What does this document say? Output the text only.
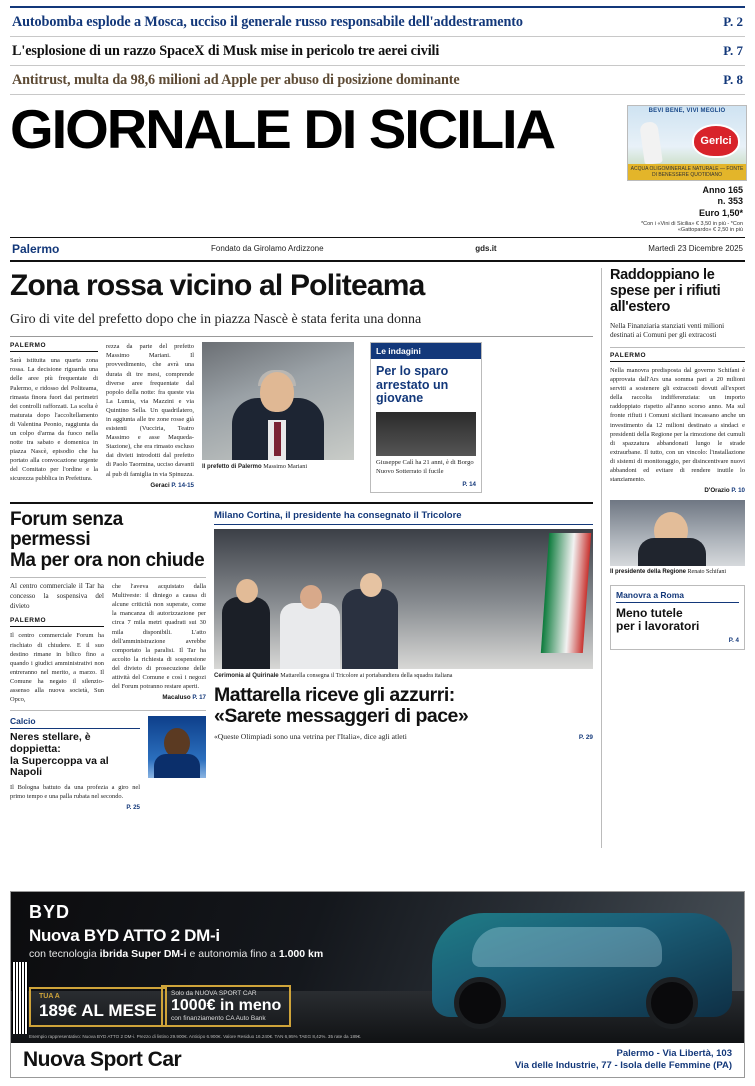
Autobomba esplode a Mosca, ucciso il generale russo responsabile dell'addestramento	P. 2
L'esplosione di un razzo SpaceX di Musk mise in pericolo tre aerei civili	P. 7
Antitrust, multa da 98,6 milioni ad Apple per abuso di posizione dominante	P. 8
GIORNALE DI SICILIA	BEVI BENE, VIVI MEGLIO
Gerlci
ACQUA OLIGOMINERALE NATURALE — FONTE DI BENESSERE QUOTIDIANO
Anno 165
n. 353
Euro 1,50*
*Con i «Vini di Sicilia» € 3,50 in più - *Con «Gattopardo» € 2,50 in più
Palermo	Fondato da Girolamo Ardizzone	gds.it	Martedì 23 Dicembre 2025
Zona rossa vicino al Politeama
Giro di vite del prefetto dopo che in piazza Nascè è stata ferita una donna
PALERMO
Sarà istituita una quarta zona rossa. La decisione riguarda una delle aree più frequentate di Palermo, e ridosso del Politeama, rimasta finora fuori dai perimetri dei controlli rafforzati. La scelta è maturata dopo l'accoltellamento di Valentina Peonio, raggiunta da un colpo d'arma da fuoco nella notte tra sabato e domenica in piazza Nascè, episodio che ha portato alla convocazione urgente del Comitato per l'ordine e la sicurezza pubblica in Prefettura.
rezza da parte del prefetto Massimo Mariani. Il provvedimento, che avrà una durata di tre mesi, comprende diverse aree frequentate dal popolo della notte: fra queste via La Lumia, via Mazzini e via Quintino Sella. Un quadrilatero, in aggiunta alle tre zone rosse già esistenti (Vucciria, Teatro Massimo e asse Maqueda-Stazione), che era rimasto escluso dai divieti introdotti dal prefetto di Paolo Taormina, ucciso davanti al pub di famiglia in via Spinuzza.
Geraci P. 14-15
Il prefetto di Palermo Massimo Mariani
Le indagini
Per lo sparo arrestato un giovane
Giuseppe Calì ha 21 anni, è di Borgo Nuovo Sotterrato il fucile
P. 14
Forum senza permessi
Ma per ora non chiude
Al centro commerciale il Tar ha concesso la sospensiva del divieto
PALERMO
Il centro commerciale Forum ha rischiato di chiudere. E il suo destino rimane in bilico fino a quando i giudici amministrativi non entreranno nel merito, a marzo. Il Comune ha negato il silenzio-assenso alla nuova società, Sun Opco,
che l'aveva acquistato dalla Multiveste: il diniego a causa di alcune criticità non superate, come la mancanza di autorizzazione per circa 7 mila metri quadrati sui 30 mila disponibili. L'atto dell'amministrazione avrebbe comportato la paralisi. Il Tar ha accolto la richiesta di sospensione del divieto di prosecuzione delle attività del Comune e così i negozi del Forum potranno restare aperti.
Macaluso P. 17
Calcio
Neres stellare, è doppietta:
la Supercoppa va al Napoli
Il Bologna battuto da una profezia a giro nel primo tempo e una palla rubata nel secondo.
P. 25
Milano Cortina, il presidente ha consegnato il Tricolore
Cerimonia al Quirinale Mattarella consegna il Tricolore ai portabandiera della squadra italiana
Mattarella riceve gli azzurri:
«Sarete messaggeri di pace»
«Queste Olimpiadi sono una vetrina per l'Italia», dice agli atleti	P. 29
Raddoppiano le spese per i rifiuti all'estero
Nella Finanziaria stanziati venti milioni destinati ai Comuni per gli extracosti
PALERMO
Nella manovra predisposta dal governo Schifani è approvata dall'Ars una somma pari a 20 milioni serviti a sostenere gli extracosti dovuti all'export della raccolta indifferenziata: un importo raddoppiato rispetto all'anno scorso anno. Ma sul fronte rifiuti i Comuni siciliani incassano anche un investimento da 12 milioni destinato a sindaci e presidenti della Regione per la rimozione dei cumuli di spazzatura abbandonati lungo le strade extraurbane. Il tutto, con un vincolo: l'installazione di sistemi di monitoraggio, per disincentivare nuovi abbandoni ed evitare di rendere inutile lo stanziamento.
D'Orazio P. 10
Il presidente della Regione Renato Schifani
Manovra a Roma
Meno tutele
per i lavoratori
P. 4
BYD
Nuova BYD ATTO 2 DM-i
con tecnologia ibrida Super DM-i e autonomia fino a 1.000 km
TUA A
189€ AL MESE
Solo da NUOVA SPORT CAR
1000€ in meno
con finanziamento CA Auto Bank
Esempio rappresentativo: Nuova BYD ATTO 2 DM-i. Prezzo di listino 29.900€. Anticipo 6.900€. Valore Residuo 16.240€. TAN 6,95% TAEG 8,42%. 35 rate da 189€.
Nuova Sport Car	Palermo - Via Libertà, 103
Via delle Industrie, 77 - Isola delle Femmine (PA)
